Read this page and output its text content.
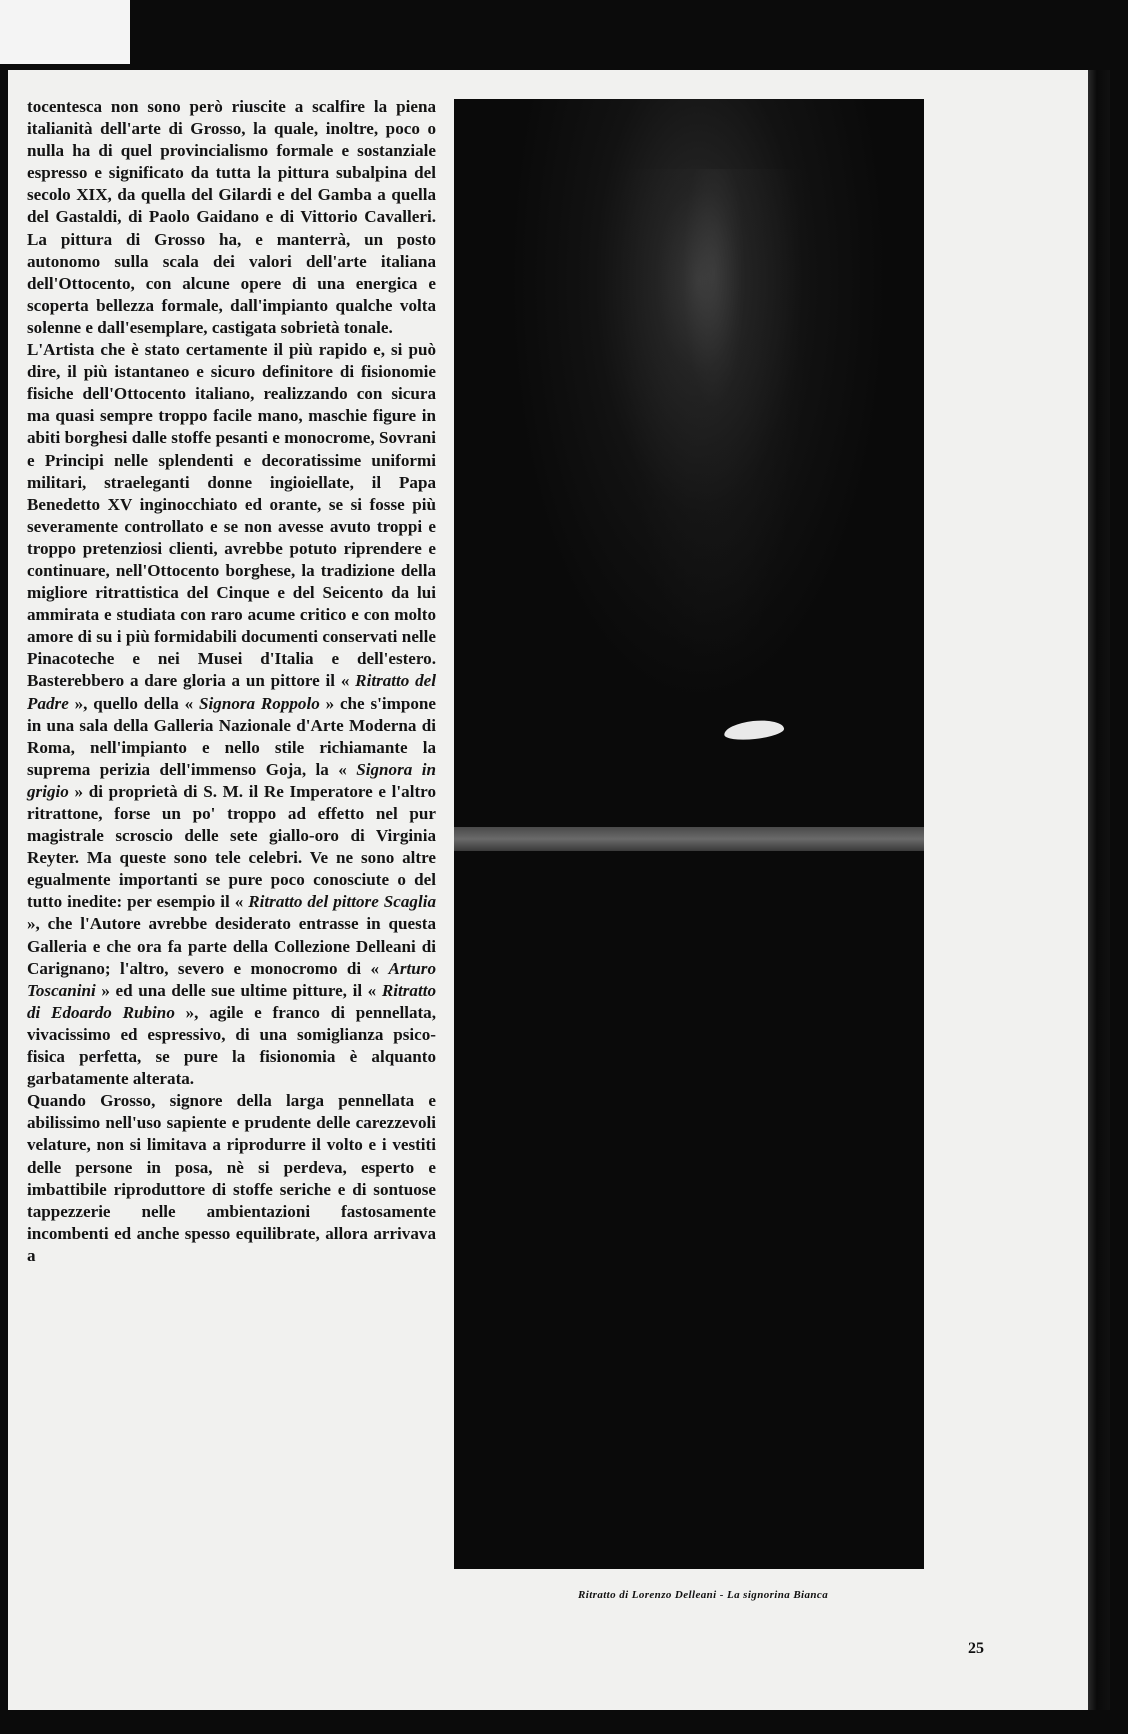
tocentesca non sono però riuscite a scalfire la piena italianità dell'arte di Grosso, la quale, inoltre, poco o nulla ha di quel provincialismo formale e sostanziale espresso e significato da tutta la pittura subalpina del secolo XIX, da quella del Gilardi e del Gamba a quella del Gastaldi, di Paolo Gaidano e di Vittorio Cavalleri. La pittura di Grosso ha, e manterrà, un posto autonomo sulla scala dei valori dell'arte italiana dell'Ottocento, con alcune opere di una energica e scoperta bellezza formale, dall'impianto qualche volta solenne e dall'esemplare, castigata sobrietà tonale.

L'Artista che è stato certamente il più rapido e, si può dire, il più istantaneo e sicuro definitore di fisionomie fisiche dell'Ottocento italiano, realizzando con sicura ma quasi sempre troppo facile mano, maschie figure in abiti borghesi dalle stoffe pesanti e monocrome, Sovrani e Principi nelle splendenti e decoratissime uniformi militari, straeleganti donne ingioiellate, il Papa Benedetto XV inginocchiato ed orante, se si fosse più severamente controllato e se non avesse avuto troppi e troppo pretenziosi clienti, avrebbe potuto riprendere e continuare, nell'Ottocento borghese, la tradizione della migliore ritrattistica del Cinque e del Seicento da lui ammirata e studiata con raro acume critico e con molto amore di su i più formidabili documenti conservati nelle Pinacoteche e nei Musei d'Italia e dell'estero. Basterebbero a dare gloria a un pittore il « Ritratto del Padre », quello della « Signora Roppolo » che s'impone in una sala della Galleria Nazionale d'Arte Moderna di Roma, nell'impianto e nello stile richiamante la suprema perizia dell'immenso Goja, la « Signora in grigio » di proprietà di S. M. il Re Imperatore e l'altro ritrattone, forse un po' troppo ad effetto nel pur magistrale scroscio delle sete giallo-oro di Virginia Reyter. Ma queste sono tele celebri. Ve ne sono altre egualmente importanti se pure poco conosciute o del tutto inedite: per esempio il « Ritratto del pittore Scaglia », che l'Autore avrebbe desiderato entrasse in questa Galleria e che ora fa parte della Collezione Delleani di Carignano; l'altro, severo e monocromo di « Arturo Toscanini » ed una delle sue ultime pitture, il « Ritratto di Edoardo Rubino », agile e franco di pennellata, vivacissimo ed espressivo, di una somiglianza psico-fisica perfetta, se pure la fisionomia è alquanto garbatamente alterata.

Quando Grosso, signore della larga pennellata e abilissimo nell'uso sapiente e prudente delle carezzevoli velature, non si limitava a riprodurre il volto e i vestiti delle persone in posa, nè si perdeva, esperto e imbattibile riproduttore di stoffe seriche e di sontuose tappezzerie nelle ambientazioni fastosamente incombenti ed anche spesso equilibrate, allora arrivava a

Ritratto di Lorenzo Delleani - La signorina Bianca
25
